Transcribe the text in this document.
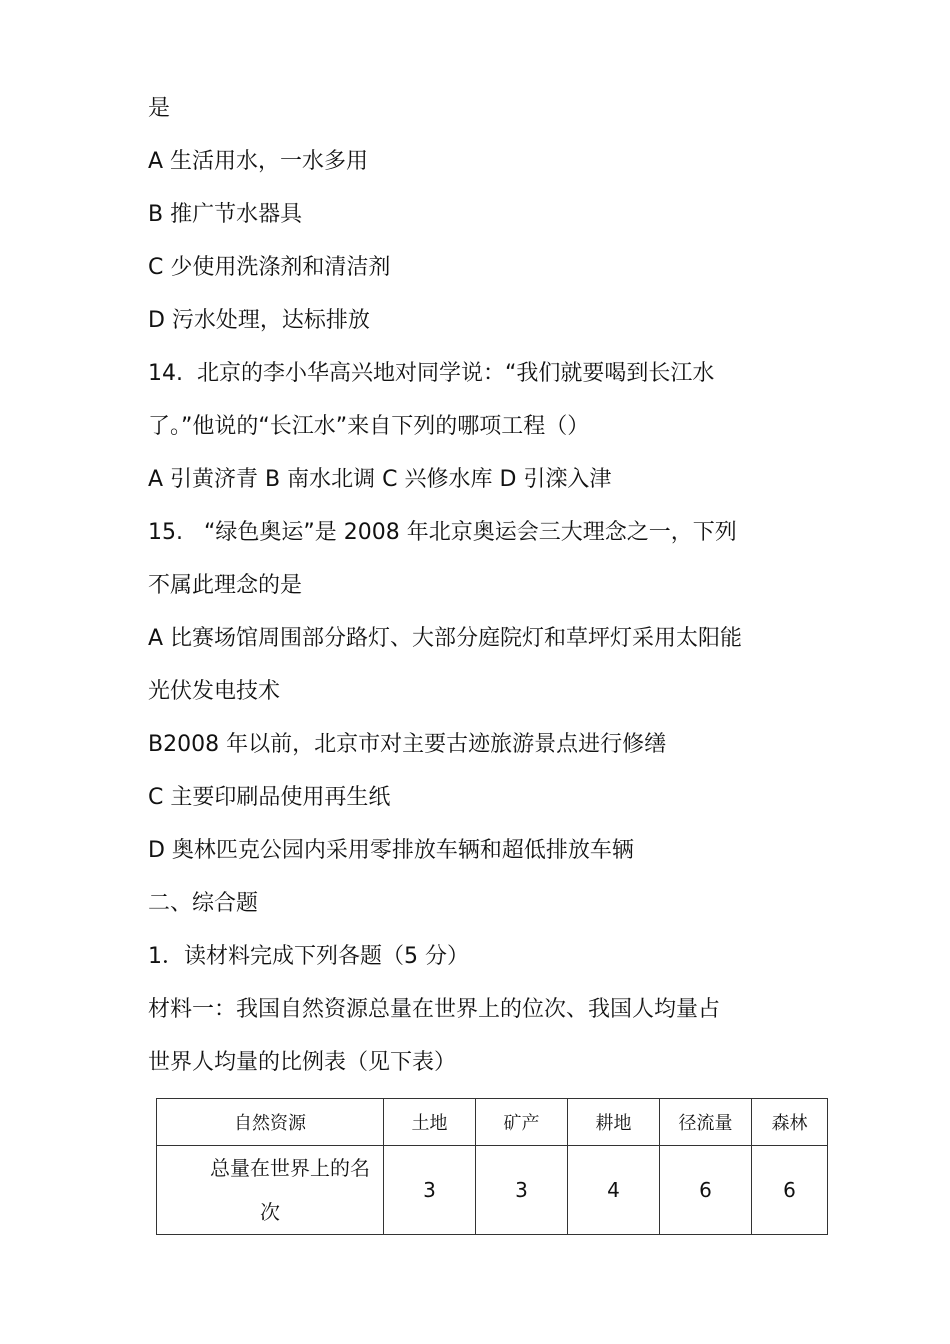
是
A 生活用水，一水多用
B 推广节水器具
C 少使用洗涤剂和清洁剂
D 污水处理，达标排放
14.  北京的李小华高兴地对同学说：“我们就要喝到长江水
了。”他说的“长江水”来自下列的哪项工程（）
A 引黄济青 B 南水北调 C 兴修水库 D 引滦入津
15.   “绿色奥运”是 2008 年北京奥运会三大理念之一，下列
不属此理念的是
A 比赛场馆周围部分路灯、大部分庭院灯和草坪灯采用太阳能
光伏发电技术
B2008 年以前，北京市对主要古迹旅游景点进行修缮
C 主要印刷品使用再生纸
D 奥林匹克公园内采用零排放车辆和超低排放车辆
二、综合题
1．读材料完成下列各题（5 分）
材料一：我国自然资源总量在世界上的位次、我国人均量占
世界人均量的比例表（见下表）
自然资源	土地	矿产	耕地	径流量	森林

总量在世界上的名
次	3	3	4	6	6
